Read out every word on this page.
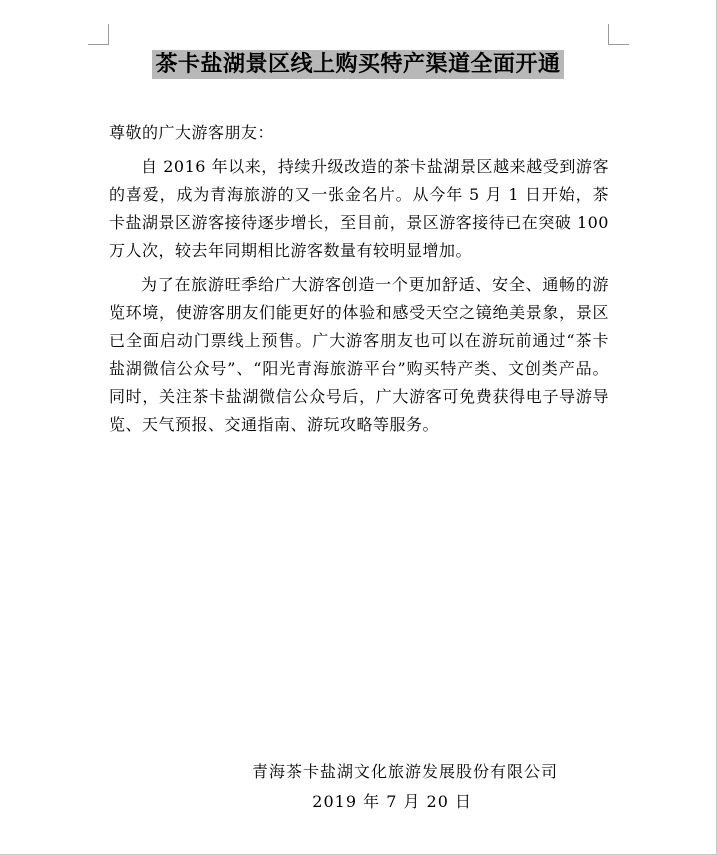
茶卡盐湖景区线上购买特产渠道全面开通

尊敬的广大游客朋友：

自 2016 年以来，持续升级改造的茶卡盐湖景区越来越受到游客的喜爱，成为青海旅游的又一张金名片。从今年 5 月 1 日开始，茶卡盐湖景区游客接待逐步增长，至目前，景区游客接待已在突破 100 万人次，较去年同期相比游客数量有较明显增加。

为了在旅游旺季给广大游客创造一个更加舒适、安全、通畅的游览环境，使游客朋友们能更好的体验和感受天空之镜绝美景象，景区已全面启动门票线上预售。广大游客朋友也可以在游玩前通过“茶卡盐湖微信公众号”、“阳光青海旅游平台”购买特产类、文创类产品。同时，关注茶卡盐湖微信公众号后，广大游客可免费获得电子导游导览、天气预报、交通指南、游玩攻略等服务。

青海茶卡盐湖文化旅游发展股份有限公司
2019 年 7 月 20 日
